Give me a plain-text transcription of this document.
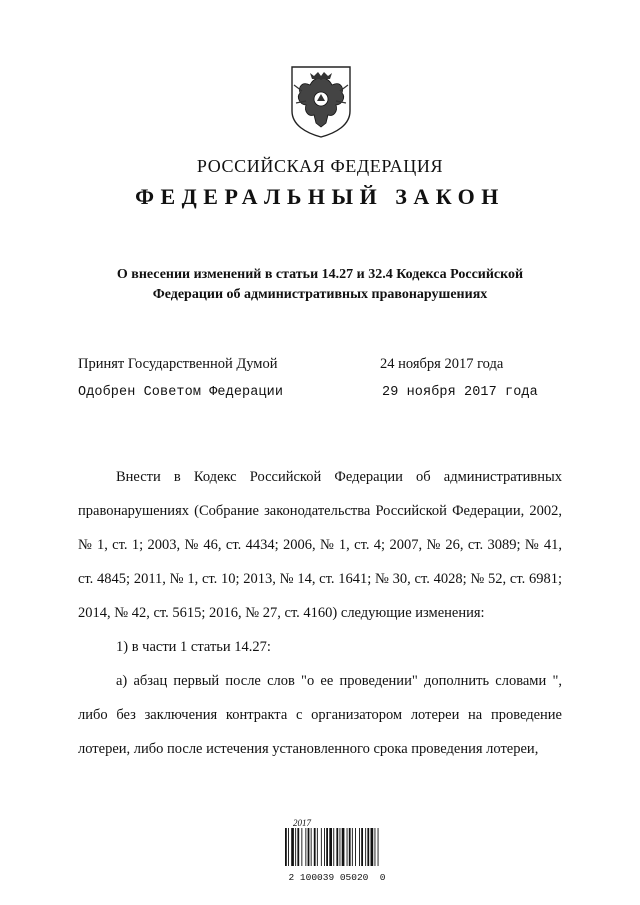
РОССИЙСКАЯ ФЕДЕРАЦИЯ
ФЕДЕРАЛЬНЫЙ ЗАКОН
О внесении изменений в статьи 14.27 и 32.4 Кодекса Российской
Федерации об административных правонарушениях
Принят Государственной Думой	24 ноября 2017 года
Одобрен Советом Федерации	29 ноября 2017 года

Внести в Кодекс Российской Федерации об административных правонарушениях (Собрание законодательства Российской Федерации, 2002, № 1, ст. 1; 2003, № 46, ст. 4434; 2006, № 1, ст. 4; 2007, № 26, ст. 3089; № 41, ст. 4845; 2011, № 1, ст. 10; 2013, № 14, ст. 1641; № 30, ст. 4028; № 52, ст. 6981; 2014, № 42, ст. 5615; 2016, № 27, ст. 4160) следующие изменения:

1) в части 1 статьи 14.27:

а) абзац первый после слов "о ее проведении" дополнить словами ", либо без заключения контракта с организатором лотереи на проведение лотереи, либо после истечения установленного срока проведения лотереи,

2017
2 100039 05020  0
